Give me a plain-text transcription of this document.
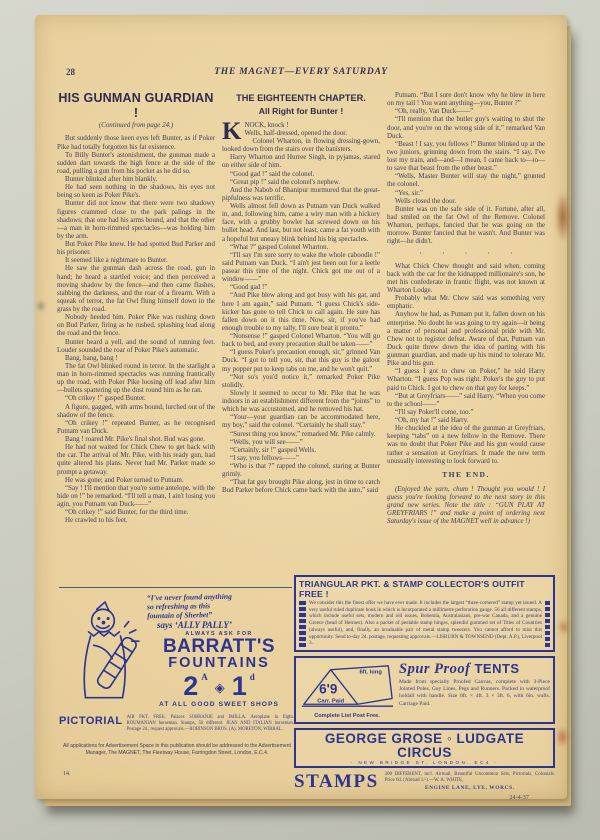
28	THE MAGNET—EVERY SATURDAY
HIS GUNMAN GUARDIAN !
(Continued from page 24.)

But suddenly those keen eyes left Bunter, as if Poker Pike had totally forgotten his fat existence.

To Billy Bunter's astonishment, the gunman made a sudden dart towards the high fence at the side of the road, pulling a gun from his pocket as he did so.

Bunter blinked after him blankly.

He had seen nothing in the shadows, his eyes not being so keen as Poker Pike's.

Bunter did not know that there were two shadowy figures crammed close to the park palings in the shadows; that one had his arms bound, and that the other—a man in horn-rimmed spectacles—was holding him by the arm.

But Poker Pike knew. He had spotted Bud Parker and his prisoner.

It seemed like a nightmare to Bunter.

He saw the gunman dash across the road, gun in hand; he heard a startled voice; and then perceived a moving shadow by the fence—and then came flashes, stabbing the darkness, and the roar of a firearm. With a squeak of terror, the fat Owl flung himself down in the grass by the road.

Nobody heeded him. Poker Pike was rushing down on Bud Parker, firing as he rushed, splashing lead along the road and the fence.

Bunter heard a yell, and the sound of running feet. Louder sounded the roar of Poker Pike's automatic.

Bang, bang, bang !

The fat Owl blinked round in terror. In the starlight a man in horn-rimmed spectacles was running frantically up the road, with Poker Pike loosing off lead after him—bullets spattering up the dust round him as he ran.

“Oh crikey !” gasped Bunter.

A figure, gagged, with arms bound, lurched out of the shadow of the fence.

“Oh crikey !” repeated Bunter, as he recognised Putnam van Duck.

Bang ! roared Mr. Pike's final shot. Bud was gone.

He had not waited for Chick Chew to get back with the car. The arrival of Mr. Pike, with his ready gun, had quite altered his plans. Never had Mr. Parker made so prompt a getaway.

He was gone; and Poker turned to Putnam.

“Say ! I'll mention that you're some antelope, with the hide on !” he remarked. “I'll tell a man, I ain't losing you agin, you Putnam van Duck——”

“Oh crikey !” said Bunter, for the third time.

He crawled to his feet.

THE EIGHTEENTH CHAPTER.
All Right for Bunter !

KNOCK, knock !
Wells, half-dressed, opened the door.

Colonel Wharton, in flowing dressing-gown, looked down from the stairs over the banisters.

Harry Wharton and Hurree Singh, in pyjamas, stared on either side of him.

“Good gad !” said the colonel.

“Great pip !” said the colonel's nephew.

And the Nabob of Bhanipur murmured that the great-pipfulness was terrific.

Wells almost fell down as Putnam van Duck walked in, and, following him, came a wiry man with a hickory face, with a grubby bowler hat screwed down on his bullet head. And last, but not least, came a fat youth with a hopeful but uneasy blink behind his big spectacles.

“What ?” gasped Colonel Wharton.

“I'll say I'm sure sorry to wake the whole caboodle !” said Putnam van Duck. “I ain't jest been out for a leetle pasear this time of the night. Chick got me out of a window——”

“Good gad !”

“And Pike blew along and got busy with his gat, and here I am again,” said Putnam. “I guess Chick's side-kicker has gone to tell Chick to call again. He sure has fallen down on it this time. Now, sir, if you've had enough trouble to my tally, I'll sure beat it pronto.”

“Nonsense !” gasped Colonel Wharton. “You will go back to bed, and every precaution shall be taken——”

“I guess Poker's precaution enough, sir,” grinned Van Duck. “I got to tell you, sir, that this guy is the galoot my popper put to keep tabs on me, and he won't quit.”

“Not so's you'd notice it,” remarked Poker Pike stolidly.

Slowly it seemed to occur to Mr. Pike that he was indoors in an establishment different from the “joints” to which he was accustomed, and he removed his hat.

“Your—your guardian can be accommodated here, my boy,” said the colonel. “Certainly he shall stay.”

“Surest thing you know,” remarked Mr. Pike calmly.

“Wells, you will see——”

“Certainly, sir !” gasped Wells.

“I say, you fellows——”

“Who is that ?” rapped the colonel, staring at Bunter grimly.

“That fat guy brought Pike along, jest in time to catch Bud Parker before Chick came back with the auto,” said

Putnam. “But I sure don't know why he blew in here on my tail ! You want anything—you, Bunter ?”

“Oh, really, Van Duck——”

“I'll mention that the butler guy's waiting to shut the door, and you're on the wrong side of it,” remarked Van Duck.

“Beast ! I say, you fellows !” Bunter blinked up at the two juniors, grinning down from the stairs. “I say, I've lost my train, and—and—I mean, I came back to—to—to save that beast from the other beast.”

“Wells, Master Bunter will stay the night,” grunted the colonel.

“Yes, sir.”

Wells closed the door.

Bunter was on the safe side of it. Fortune, after all, had smiled on the fat Owl of the Remove. Colonel Wharton, perhaps, fancied that he was going on the morrow. Bunter fancied that he wasn't. And Bunter was right—he didn't.

· · · · ·

What Chick Chew thought and said when, coming back with the car for the kidnapped millionaire's son, he met his confederate in frantic flight, was not known at Wharton Lodge.

Probably what Mr. Chew said was something very emphatic.

Anyhow he had, as Putnam put it, fallen down on his enterprise. No doubt he was going to try again—it being a matter of personal and professional pride with Mr. Chew not to register defeat. Aware of that, Putnam van Duck quite threw down the idea of parting with his gunman guardian, and made up his mind to tolerate Mr. Pike and his gun.

“I guess I got to chew on Poker,” he told Harry Wharton. “I guess Pop was right. Poker's the guy to put paid to Chick. I got to chew on that guy for keeps.”

“But at Greyfriars——” said Harry. “When you come to the school——”

“I'll say Poker'll come, too.”

“Oh, my hat !” said Harry.

He chuckled at the idea of the gunman at Greyfriars, keeping “tabs” on a new fellow in the Remove. There was no doubt that Poker Pike and his gun would cause rather a sensation at Greyfriars. It made the new term unusually interesting to look forward to.

THE END.

(Enjoyed the yarn, chum ! Thought you would ! I guess you're looking forward to the next story in this grand new series. Note the title : “GUN PLAY AT GREYFRIARS !” and make a point of ordering next Saturday's issue of the MAGNET well in advance !)

“I've never found anything
so refreshing as this
fountain of Sherbet”
says ‘ALLY PALLY’
ALWAYS ASK FOR
BARRATT'S
FOUNTAINS
2 $^A$
◈ 1 $^d$
AT ALL GOOD SWEET SHOPS
PICTORIAL AIR PKT. FREE. Palaces SOBRANJE and IMILLA. Aeroplane in flight. ROUMANIAN horseman. Stamps, 56 different. JEAN AND ITALIAN horseman. Postage 2d., request approvals.—ROBINSON BROS. (A), MORETON, WIRRAL.
All applications for Advertisement Space in this publication should be addressed to the Advertisement Manager, The MAGNET, The Fleetway House, Farringdon Street, London, E.C.4.
14.
TRIANGULAR PKT. & STAMP COLLECTOR'S OUTFIT FREE !
We consider this the finest offer we have ever made. It includes the largest “three-cornered” stamp yet issued. A very useful ruled duplicate book in which is incorporated a millimetre perforation gauge. 56 all different stamps, which include useful sets, modern and old issues, Bohemia, Australasians, pre-war Canada, and a genuine Greece (head of Hermes). Also a packet of peelable stamp hinges, splendid gummed set of Titles of Countries (always useful), and, finally, an invaluable pair of metal stamp tweezers. You cannot afford to miss this opportunity. Send to-day 2d. postage, requesting approvals.—LISBURN & TOWNSEND (Dept. A.P.), Liverpool 3.
6ft. long
6'9
Carr. Paid
Complete List Post Free.
Spur Proof TENTS
Made from specially Proofed Canvas, complete with 3-Piece Jointed Poles, Guy Lines, Pegs and Runners. Packed in waterproof holdall with handle. Size 6ft. × 4ft. 3 × 3ft. 6, with 6in. walls. Carriage Paid.
GEORGE GROSE ◦ LUDGATE CIRCUS
· NEW BRIDGE ST. LONDON. EC4 ·
STAMPS 300 DIFFERENT, incl. Airmail, Beautiful Uncommon Sets, Pictorials, Colonials. Price 6d. (Abroad 1/-).—W. A. WHITE,
ENGINE LANE, LYE, WORCS.
24-4-37
